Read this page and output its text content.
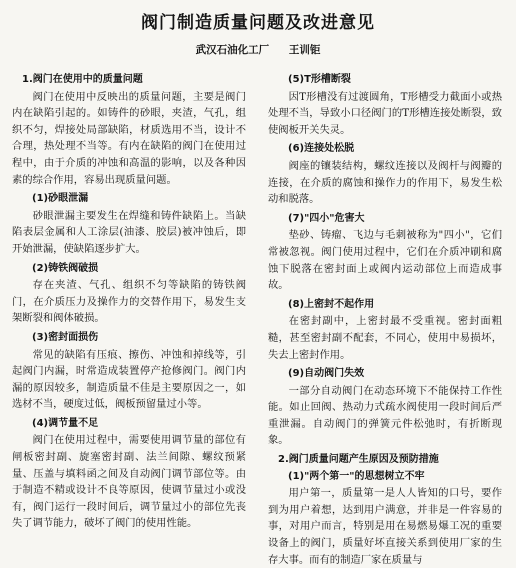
阀门制造质量问题及改进意见
武汉石油化工厂 王训钜

1.阀门在使用中的质量问题

阀门在使用中反映出的质量问题，主要是阀门内在缺陷引起的。如铸件的砂眼，夹渣，气孔，组织不匀，焊接处局部缺陷，材质选用不当，设计不合理，热处理不当等。有内在缺陷的阀门在使用过程中，由于介质的冲蚀和高温的影响，以及各种因素的综合作用，容易出现质量问题。

(1)砂眼泄漏

砂眼泄漏主要发生在焊缝和铸件缺陷上。当缺陷表层金属和人工涂层(油漆、胶层)被冲蚀后，即开始泄漏，使缺陷逐步扩大。

(2)铸铁阀破损

存在夹渣、气孔、组织不匀等缺陷的铸铁阀门，在介质压力及操作力的交替作用下，易发生支架断裂和阀体破损。

(3)密封面损伤

常见的缺陷有压痕、擦伤、冲蚀和掉线等，引起阀门内漏，时常造成装置停产抢修阀门。阀门内漏的原因较多，制造质量不佳是主要原因之一，如选材不当，硬度过低，阀板预留量过小等。

(4)调节量不足

阀门在使用过程中，需要使用调节量的部位有闸板密封副、旋塞密封副、法兰间隙、螺纹预紧量、压盖与填料函之间及自动阀门调节部位等。由于制造不精或设计不良等原因，使调节量过小或没有，阀门运行一段时间后，调节量过小的部位先丧失了调节能力，破坏了阀门的使用性能。

(5)T形槽断裂

因T形槽没有过渡圆角，T形槽受力截面小或热处理不当，导致小口径阀门的T形槽连接处断裂，致使阀板开关失灵。

(6)连接处松脱

阀座的镶装结构，螺纹连接以及阀杆与阀瓣的连接，在介质的腐蚀和操作力的作用下，易发生松动和脱落。

(7)"四小"危害大

垫砂、铸瘤、飞边与毛刺被称为"四小"，它们常被忽视。阀门使用过程中，它们在介质冲刷和腐蚀下脱落在密封面上或阀内运动部位上而造成事故。

(8)上密封不起作用

在密封副中，上密封最不受重视。密封面粗糙，甚至密封副不配套，不同心，使用中易损坏，失去上密封作用。

(9)自动阀门失效

一部分自动阀门在动态环境下不能保持工作性能。如止回阀、热动力式疏水阀使用一段时间后严重泄漏。自动阀门的弹簧元件松弛时，有折断现象。

2.阀门质量问题产生原因及预防措施

(1)"两个第一"的思想树立不牢

用户第一，质量第一是人人皆知的口号，要作到为用户着想，达到用户满意，并非是一件容易的事，对用户而言，特别是用在易燃易爆工况的重要设备上的阀门，质量好坏直接关系到使用厂家的生存大事。而有的制造厂家在质量与
